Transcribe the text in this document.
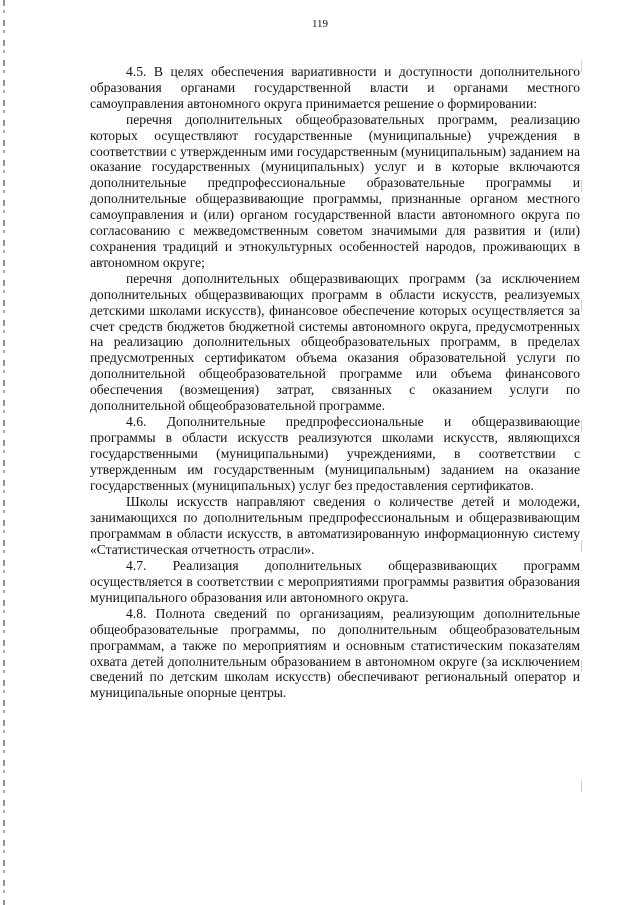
119

4.5. В целях обеспечения вариативности и доступности дополнительного образования органами государственной власти и органами местного самоуправления автономного округа принимается решение о формировании:

перечня дополнительных общеобразовательных программ, реализацию которых осуществляют государственные (муниципальные) учреждения в соответствии с утвержденным ими государственным (муниципальным) заданием на оказание государственных (муниципальных) услуг и в которые включаются дополнительные предпрофессиональные образовательные программы и дополнительные общеразвивающие программы, признанные органом местного самоуправления и (или) органом государственной власти автономного округа по согласованию с межведомственным советом значимыми для развития и (или) сохранения традиций и этнокультурных особенностей народов, проживающих в автономном округе;

перечня дополнительных общеразвивающих программ (за исключением дополнительных общеразвивающих программ в области искусств, реализуемых детскими школами искусств), финансовое обеспечение которых осуществляется за счет средств бюджетов бюджетной системы автономного округа, предусмотренных на реализацию дополнительных общеобразовательных программ, в пределах предусмотренных сертификатом объема оказания образовательной услуги по дополнительной общеобразовательной программе или объема финансового обеспечения (возмещения) затрат, связанных с оказанием услуги по дополнительной общеобразовательной программе.

4.6. Дополнительные предпрофессиональные и общеразвивающие программы в области искусств реализуются школами искусств, являющихся государственными (муниципальными) учреждениями, в соответствии с утвержденным им государственным (муниципальным) заданием на оказание государственных (муниципальных) услуг без предоставления сертификатов.

Школы искусств направляют сведения о количестве детей и молодежи, занимающихся по дополнительным предпрофессиональным и общеразвивающим программам в области искусств, в автоматизированную информационную систему «Статистическая отчетность отрасли».

4.7. Реализация дополнительных общеразвивающих программ осуществляется в соответствии с мероприятиями программы развития образования муниципального образования или автономного округа.

4.8. Полнота сведений по организациям, реализующим дополнительные общеобразовательные программы, по дополнительным общеобразовательным программам, а также по мероприятиям и основным статистическим показателям охвата детей дополнительным образованием в автономном округе (за исключением сведений по детским школам искусств) обеспечивают региональный оператор и муниципальные опорные центры.
